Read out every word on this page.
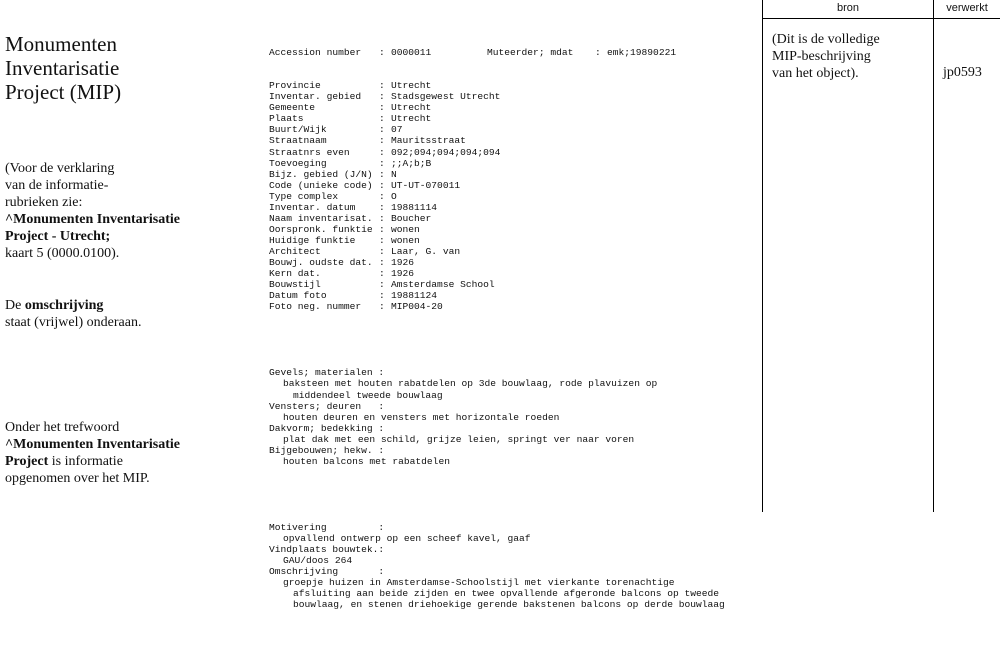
Monumenten
Inventarisatie
Project (MIP)
(Voor de verklaring
van de informatie-
rubrieken zie:
^Monumenten Inventarisatie
Project - Utrecht;
kaart 5 (0000.0100).
De omschrijving
staat (vrijwel) onderaan.
Onder het trefwoord
^Monumenten Inventarisatie
Project is informatie
opgenomen over het MIP.

Accession number : 0000011	Muteerder; mdat : emk;19890221

Provincie	: Utrecht
Inventar. gebied : Stadsgewest Utrecht
Gemeente	: Utrecht
Plaats	: Utrecht
Buurt/Wijk	: 07
Straatnaam	: Mauritsstraat
Straatnrs even	: 092;094;094;094;094
Toevoeging	: ;;A;b;B
Bijz. gebied (J/N) : N
Code (unieke code) : UT-UT-070011
Type complex	: O
Inventar. datum : 19881114
Naam inventarisat. : Boucher
Oorspronk. funktie : wonen
Huidige funktie : wonen
Architect	: Laar, G. van
Bouwj. oudste dat. : 1926
Kern dat.	: 1926
Bouwstijl	: Amsterdamse School
Datum foto	: 19881124
Foto neg. nummer : MIP004-20

Gevels; materialen :
baksteen met houten rabatdelen op 3de bouwlaag, rode plavuizen op
middendeel tweede bouwlaag
Vensters; deuren   :
houten deuren en vensters met horizontale roeden
Dakvorm; bedekking :
plat dak met een schild, grijze leien, springt ver naar voren
Bijgebouwen; hekw. :
houten balcons met rabatdelen

Motivering         :
opvallend ontwerp op een scheef kavel, gaaf
Vindplaats bouwtek.:
GAU/doos 264
Omschrijving       :
groepje huizen in Amsterdamse-Schoolstijl met vierkante torenachtige
afsluiting aan beide zijden en twee opvallende afgeronde balcons op tweede
bouwlaag, en stenen driehoekige gerende bakstenen balcons op derde bouwlaag

bron	verwerkt
(Dit is de volledige
MIP-beschrijving
van het object).	jp0593
